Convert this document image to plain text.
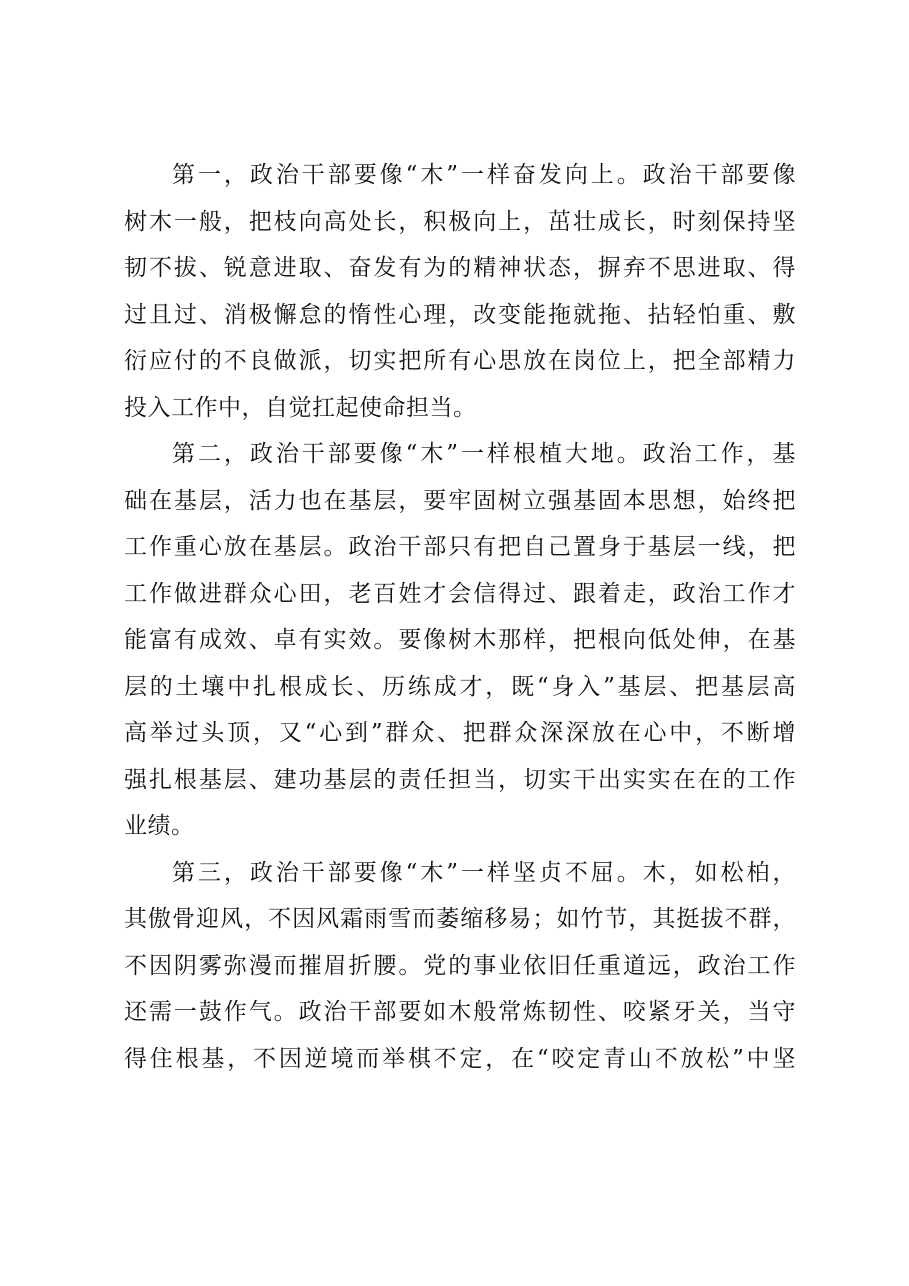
第一，政治干部要像“木”一样奋发向上。政治干部要像
树木一般，把枝向高处长，积极向上，茁壮成长，时刻保持坚
韧不拔、锐意进取、奋发有为的精神状态，摒弃不思进取、得
过且过、消极懈怠的惰性心理，改变能拖就拖、拈轻怕重、敷
衍应付的不良做派，切实把所有心思放在岗位上，把全部精力
投入工作中，自觉扛起使命担当。
第二，政治干部要像“木”一样根植大地。政治工作，基
础在基层，活力也在基层，要牢固树立强基固本思想，始终把
工作重心放在基层。政治干部只有把自己置身于基层一线，把
工作做进群众心田，老百姓才会信得过、跟着走，政治工作才
能富有成效、卓有实效。要像树木那样，把根向低处伸，在基
层的土壤中扎根成长、历练成才，既“身入”基层、把基层高
高举过头顶，又“心到”群众、把群众深深放在心中，不断增
强扎根基层、建功基层的责任担当，切实干出实实在在的工作
业绩。
第三，政治干部要像“木”一样坚贞不屈。木，如松柏，
其傲骨迎风，不因风霜雨雪而萎缩移易；如竹节，其挺拔不群，
不因阴雾弥漫而摧眉折腰。党的事业依旧任重道远，政治工作
还需一鼓作气。政治干部要如木般常炼韧性、咬紧牙关，当守
得住根基，不因逆境而举棋不定，在“咬定青山不放松”中坚
